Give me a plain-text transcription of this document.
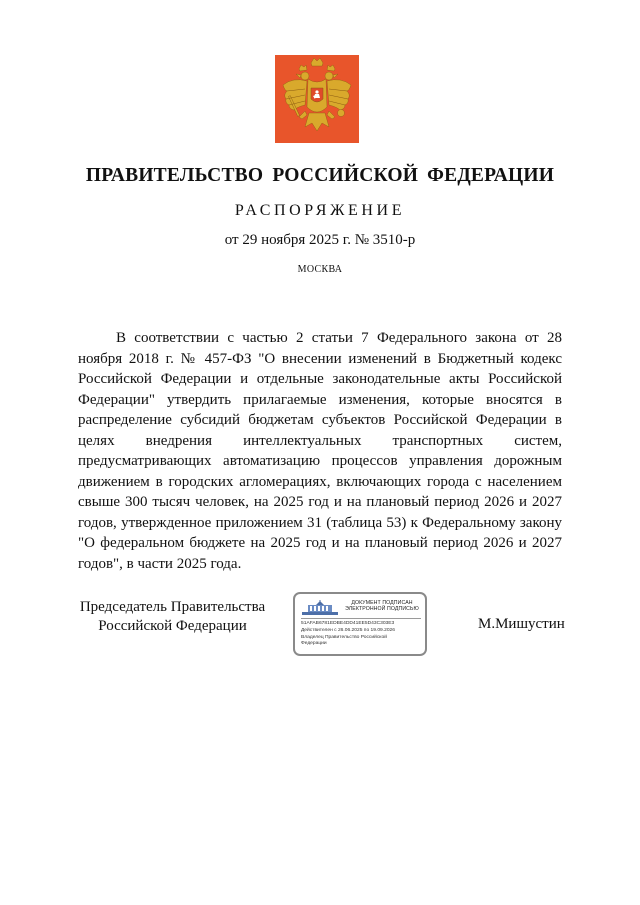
ПРАВИТЕЛЬСТВО РОССИЙСКОЙ ФЕДЕРАЦИИ
РАСПОРЯЖЕНИЕ
от 29 ноября 2025 г. № 3510-р
МОСКВА
В соответствии с частью 2 статьи 7 Федерального закона от 28 ноября 2018 г. № 457-ФЗ "О внесении изменений в Бюджетный кодекс Российской Федерации и отдельные законодательные акты Российской Федерации" утвердить прилагаемые изменения, которые вносятся в распределение субсидий бюджетам субъектов Российской Федерации в целях внедрения интеллектуальных транспортных систем, предусматривающих автоматизацию процессов управления дорожным движением в городских агломерациях, включающих города с населением свыше 300 тысяч человек, на 2025 год и на плановый период 2026 и 2027 годов, утвержденное приложением 31 (таблица 53) к Федеральному закону "О федеральном бюджете на 2025 год и на плановый период 2026 и 2027 годов", в части 2025 года.
Председатель Правительства
Российской Федерации
ДОКУМЕНТ ПОДПИСАН
ЭЛЕКТРОННОЙ ПОДПИСЬЮ
51AFAB6781EDBE4DD41EE5D43C303E3
Действителен с 26.06.2025 по 19.09.2026
Владелец Правительство Российской
Федерации
М.Мишустин
